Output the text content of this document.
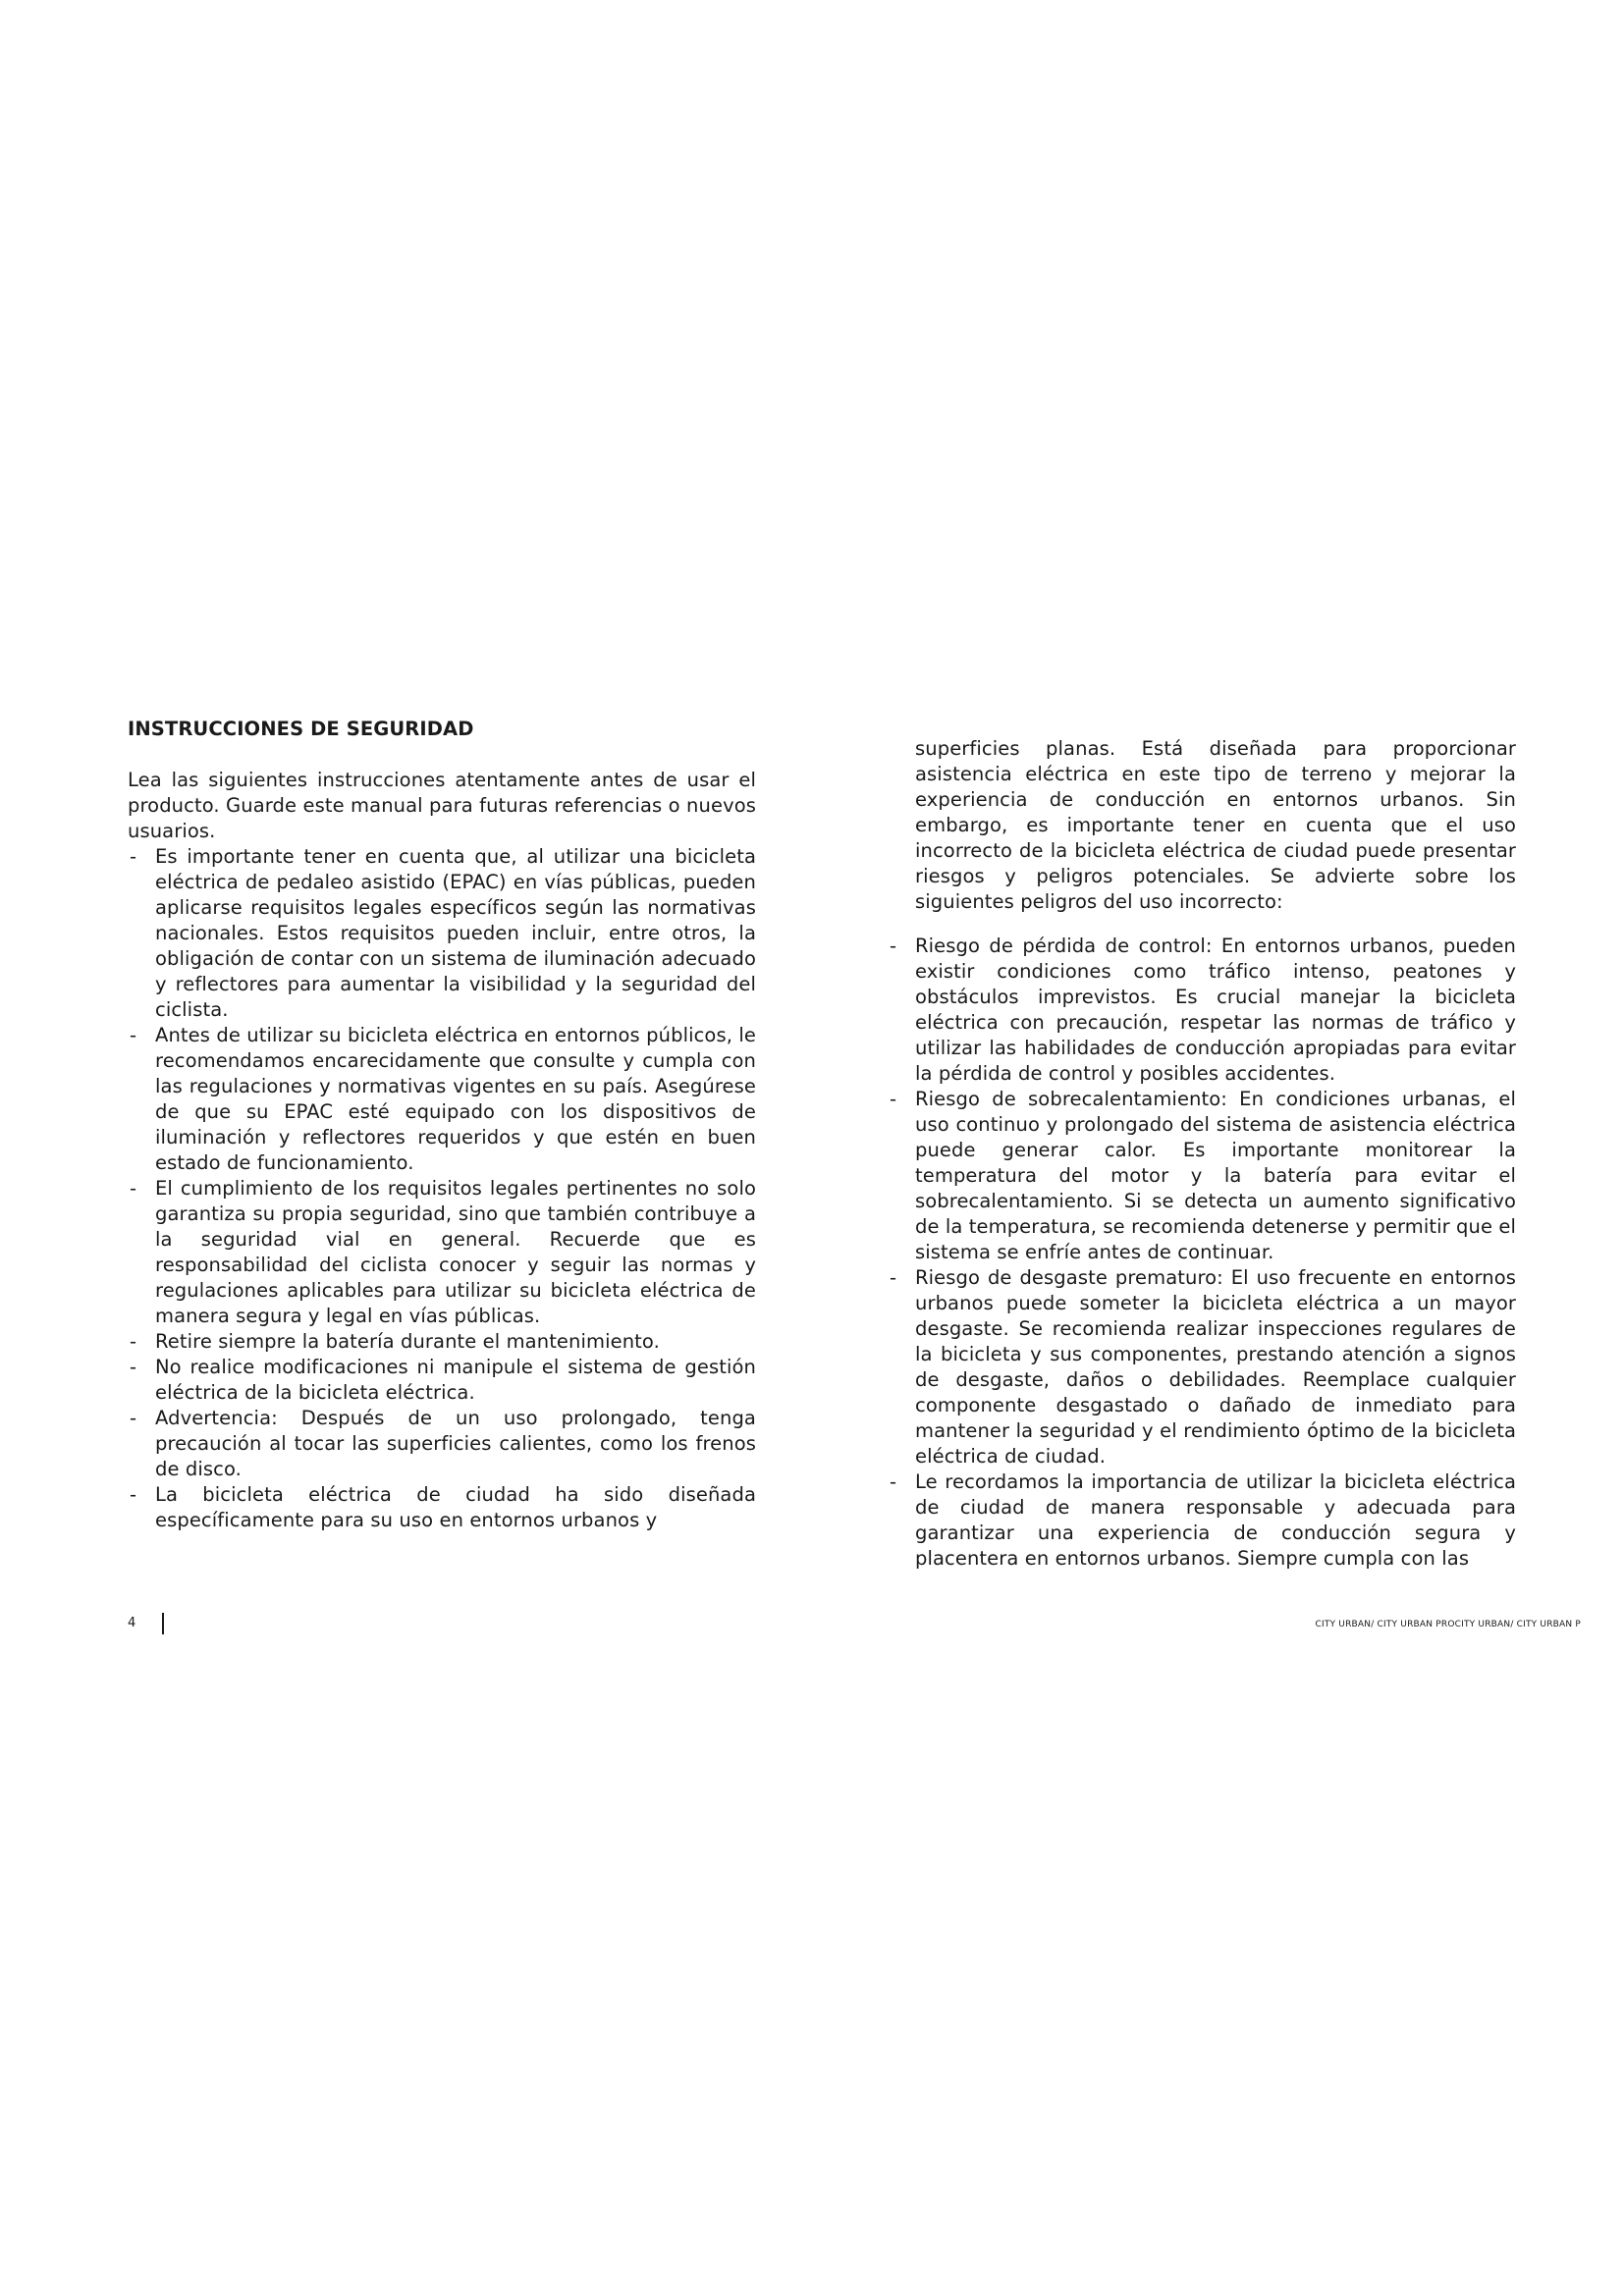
INSTRUCCIONES DE SEGURIDAD

Lea las siguientes instrucciones atentamente antes de usar el producto. Guarde este manual para futuras referencias o nuevos usuarios.

- Es importante tener en cuenta que, al utilizar una bicicleta eléctrica de pedaleo asistido (EPAC) en vías públicas, pueden aplicarse requisitos legales específicos según las normativas nacionales. Estos requisitos pueden incluir, entre otros, la obligación de contar con un sistema de iluminación adecuado y reflectores para aumentar la visibilidad y la seguridad del ciclista.
- Antes de utilizar su bicicleta eléctrica en entornos públicos, le recomendamos encarecidamente que consulte y cumpla con las regulaciones y normativas vigentes en su país. Asegúrese de que su EPAC esté equipado con los dispositivos de iluminación y reflectores requeridos y que estén en buen estado de funcionamiento.
- El cumplimiento de los requisitos legales pertinentes no solo garantiza su propia seguridad, sino que también contribuye a la seguridad vial en general. Recuerde que es responsabilidad del ciclista conocer y seguir las normas y regulaciones aplicables para utilizar su bicicleta eléctrica de manera segura y legal en vías públicas.
- Retire siempre la batería durante el mantenimiento.
- No realice modificaciones ni manipule el sistema de gestión eléctrica de la bicicleta eléctrica.
- Advertencia: Después de un uso prolongado, tenga precaución al tocar las superficies calientes, como los frenos de disco.
- La bicicleta eléctrica de ciudad ha sido diseñada específicamente para su uso en entornos urbanos y

superficies planas. Está diseñada para proporcionar asistencia eléctrica en este tipo de terreno y mejorar la experiencia de conducción en entornos urbanos. Sin embargo, es importante tener en cuenta que el uso incorrecto de la bicicleta eléctrica de ciudad puede presentar riesgos y peligros potenciales. Se advierte sobre los siguientes peligros del uso incorrecto:

- Riesgo de pérdida de control: En entornos urbanos, pueden existir condiciones como tráfico intenso, peatones y obstáculos imprevistos. Es crucial manejar la bicicleta eléctrica con precaución, respetar las normas de tráfico y utilizar las habilidades de conducción apropiadas para evitar la pérdida de control y posibles accidentes.
- Riesgo de sobrecalentamiento: En condiciones urbanas, el uso continuo y prolongado del sistema de asistencia eléctrica puede generar calor. Es importante monitorear la temperatura del motor y la batería para evitar el sobrecalentamiento. Si se detecta un aumento significativo de la temperatura, se recomienda detenerse y permitir que el sistema se enfríe antes de continuar.
- Riesgo de desgaste prematuro: El uso frecuente en entornos urbanos puede someter la bicicleta eléctrica a un mayor desgaste. Se recomienda realizar inspecciones regulares de la bicicleta y sus componentes, prestando atención a signos de desgaste, daños o debilidades. Reemplace cualquier componente desgastado o dañado de inmediato para mantener la seguridad y el rendimiento óptimo de la bicicleta eléctrica de ciudad.
- Le recordamos la importancia de utilizar la bicicleta eléctrica de ciudad de manera responsable y adecuada para garantizar una experiencia de conducción segura y placentera en entornos urbanos. Siempre cumpla con las
4	CITY URBAN/ CITY URBAN PROCITY URBAN/ CITY URBAN P
